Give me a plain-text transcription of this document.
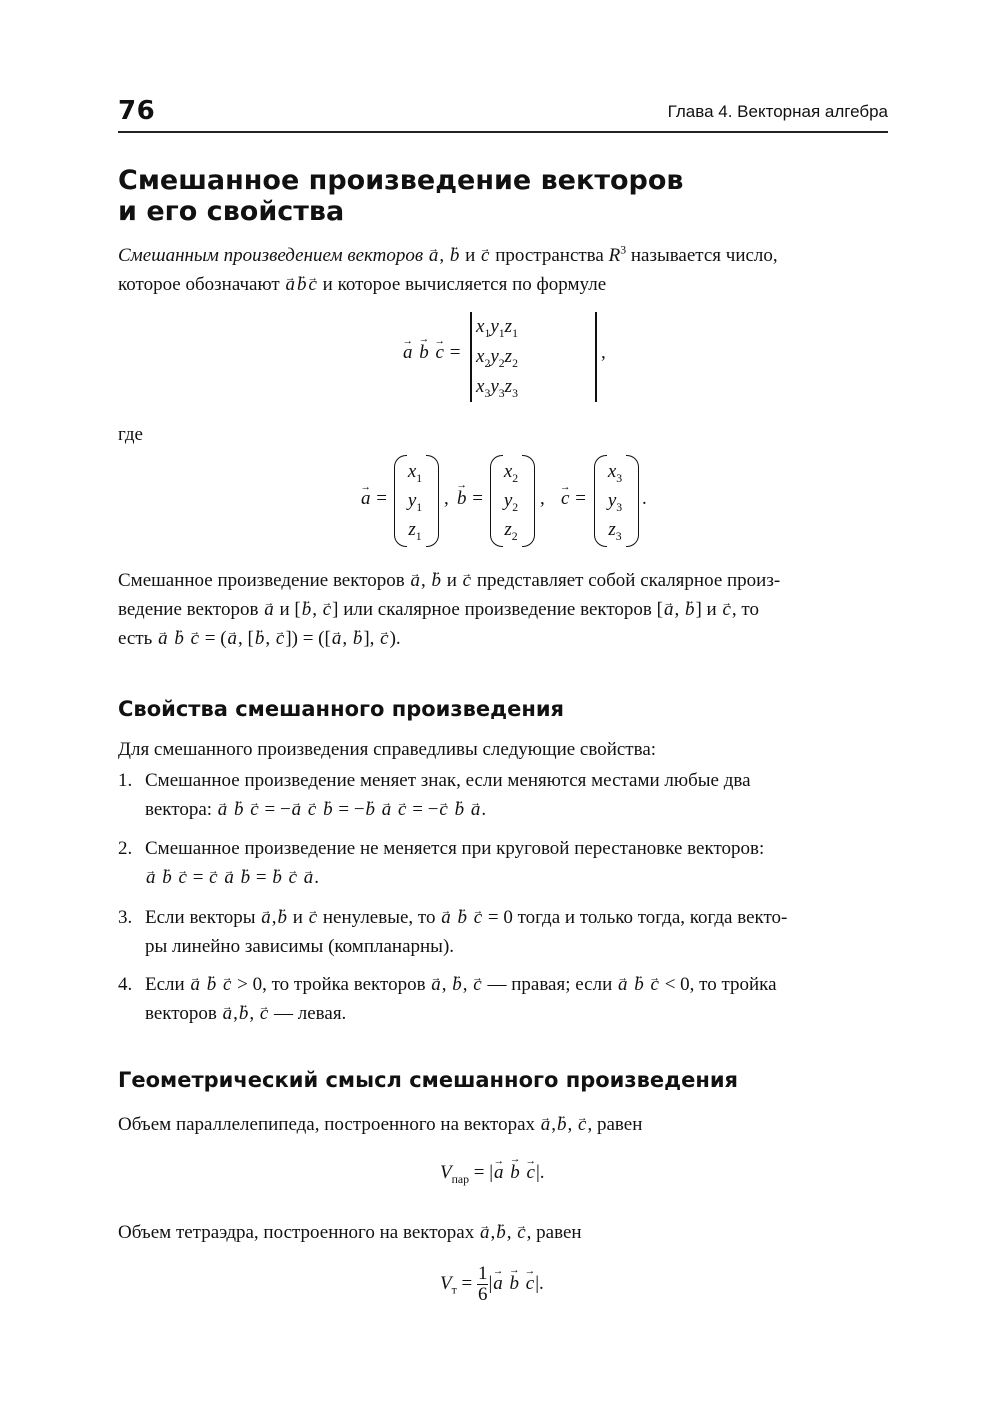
76	Глава 4. Векторная алгебра
Смешанное произведение векторов
и его свойства
Смешанным произведением векторов → a, → b и → c пространства $R^3$ называется число,
которое обозначают → a → b → c и которое вычисляется по формуле
→ a → b → c =
$x_1$	$y_1$	$z_1$
$x_2$	$y_2$	$z_2$
$x_3$	$y_3$	$z_3$
,
где
→ a =
$x_1$
$y_1$
$z_1$
, → b =
$x_2$
$y_2$
$z_2$
, → c =
$x_3$
$y_3$
$z_3$
.
Смешанное произведение векторов → a, → b и → c представляет собой скалярное произ-
ведение векторов → a и [→ b, → c] или скалярное произведение векторов [→ a, → b] и → c, то
есть → a → b → c = (→ a, [→ b, → c]) = ([→ a, → b], → c).
Свойства смешанного произведения
Для смешанного произведения справедливы следующие свойства:
1. Смешанное произведение меняет знак, если меняются местами любые два
вектора: → a → b → c = −→ a → c → b = −→ b → a → c = −→ c → b → a.
2. Смешанное произведение не меняется при круговой перестановке векторов:
→ a → b → c = → c → a → b = → b → c → a.
3. Если векторы → a,→ b и → c ненулевые, то → a → b → c = 0 тогда и только тогда, когда векто-
ры линейно зависимы (компланарны).
4. Если → a → b → c > 0, то тройка векторов → a, → b, → c — правая; если → a → b → c < 0, то тройка
векторов → a,→ b, → c — левая.
Геометрический смысл смешанного произведения
Объем параллелепипеда, построенного на векторах → a,→ b, → c, равен
$V_{пар}$ = |→ a → b → c|.
Объем тетраэдра, построенного на векторах → a,→ b, → c, равен
$V_т = \frac{1}{6}$ |→ a → b → c|.
